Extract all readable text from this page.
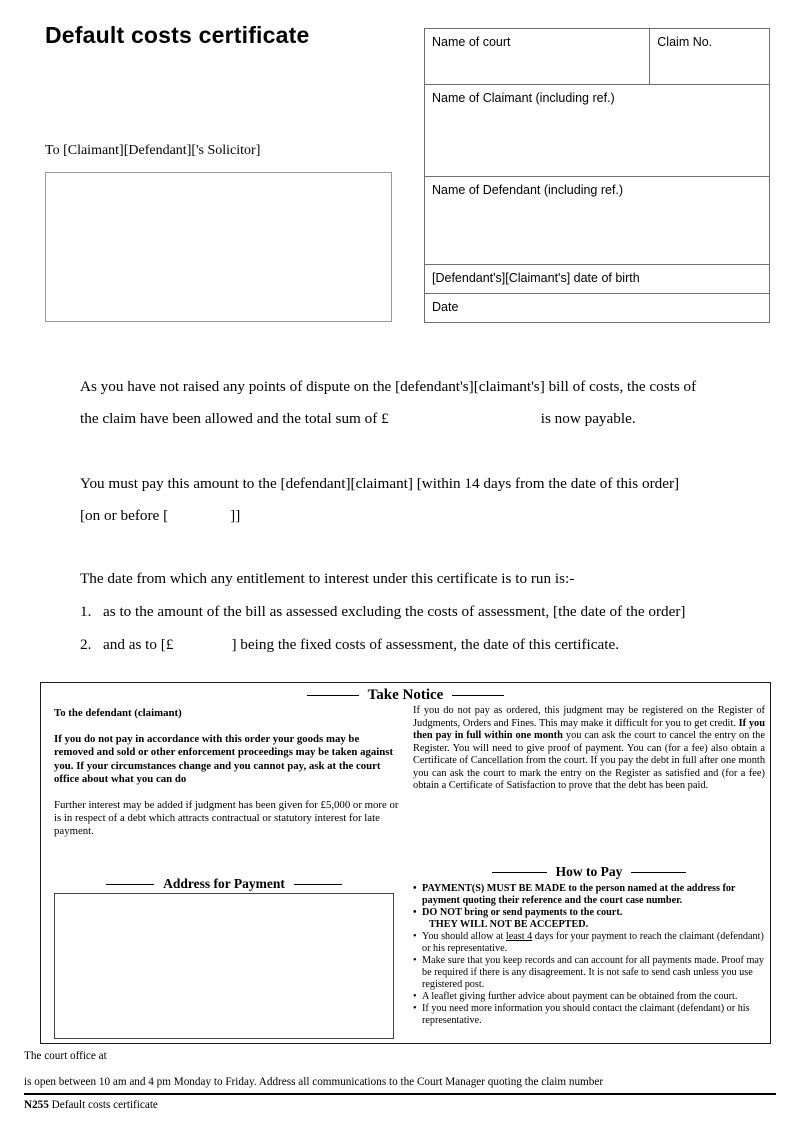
Default costs certificate	Name of court	Claim No.
Name of Claimant (including ref.)
Name of Defendant (including ref.)
[Defendant's][Claimant's] date of birth
Date
To [Claimant][Defendant]['s Solicitor]
As you have not raised any points of dispute on the [defendant's][claimant's] bill of costs, the costs of
the claim have been allowed and the total sum of £	is now payable.
You must pay this amount to the [defendant][claimant] [within 14 days from the date of this order]
[on or before [	]]
The date from which any entitlement to interest under this certificate is to run is:-
1. as to the amount of the bill as assessed excluding the costs of assessment, [the date of the order]
2. and as to [£	] being the fixed costs of assessment, the date of this certificate.
Take Notice

To the defendant (claimant)

If you do not pay in accordance with this order your goods may be removed and sold or other enforcement proceedings may be taken against you. If your circumstances change and you cannot pay, ask at the court office about what you can do

Further interest may be added if judgment has been given for £5,000 or more or is in respect of a debt which attracts contractual or statutory interest for late payment.

Address for Payment

If you do not pay as ordered, this judgment may be registered on the Register of Judgments, Orders and Fines. This may make it difficult for you to get credit. If you then pay in full within one month you can ask the court to cancel the entry on the Register. You will need to give proof of payment. You can (for a fee) also obtain a Certificate of Cancellation from the court. If you pay the debt in full after one month you can ask the court to mark the entry on the Register as satisfied and (for a fee) obtain a Certificate of Satisfaction to prove that the debt has been paid.

How to Pay
• PAYMENT(S) MUST BE MADE to the person named at the address for payment quoting their reference and the court case number.
• DO NOT bring or send payments to the court.
THEY WILL NOT BE ACCEPTED.
• You should allow at least 4 days for your payment to reach the claimant (defendant) or his representative.
• Make sure that you keep records and can account for all payments made. Proof may be required if there is any disagreement. It is not safe to send cash unless you use registered post.
• A leaflet giving further advice about payment can be obtained from the court.
• If you need more information you should contact the claimant (defendant) or his representative.
The court office at
is open between 10 am and 4 pm Monday to Friday. Address all communications to the Court Manager quoting the claim number
N255 Default costs certificate
